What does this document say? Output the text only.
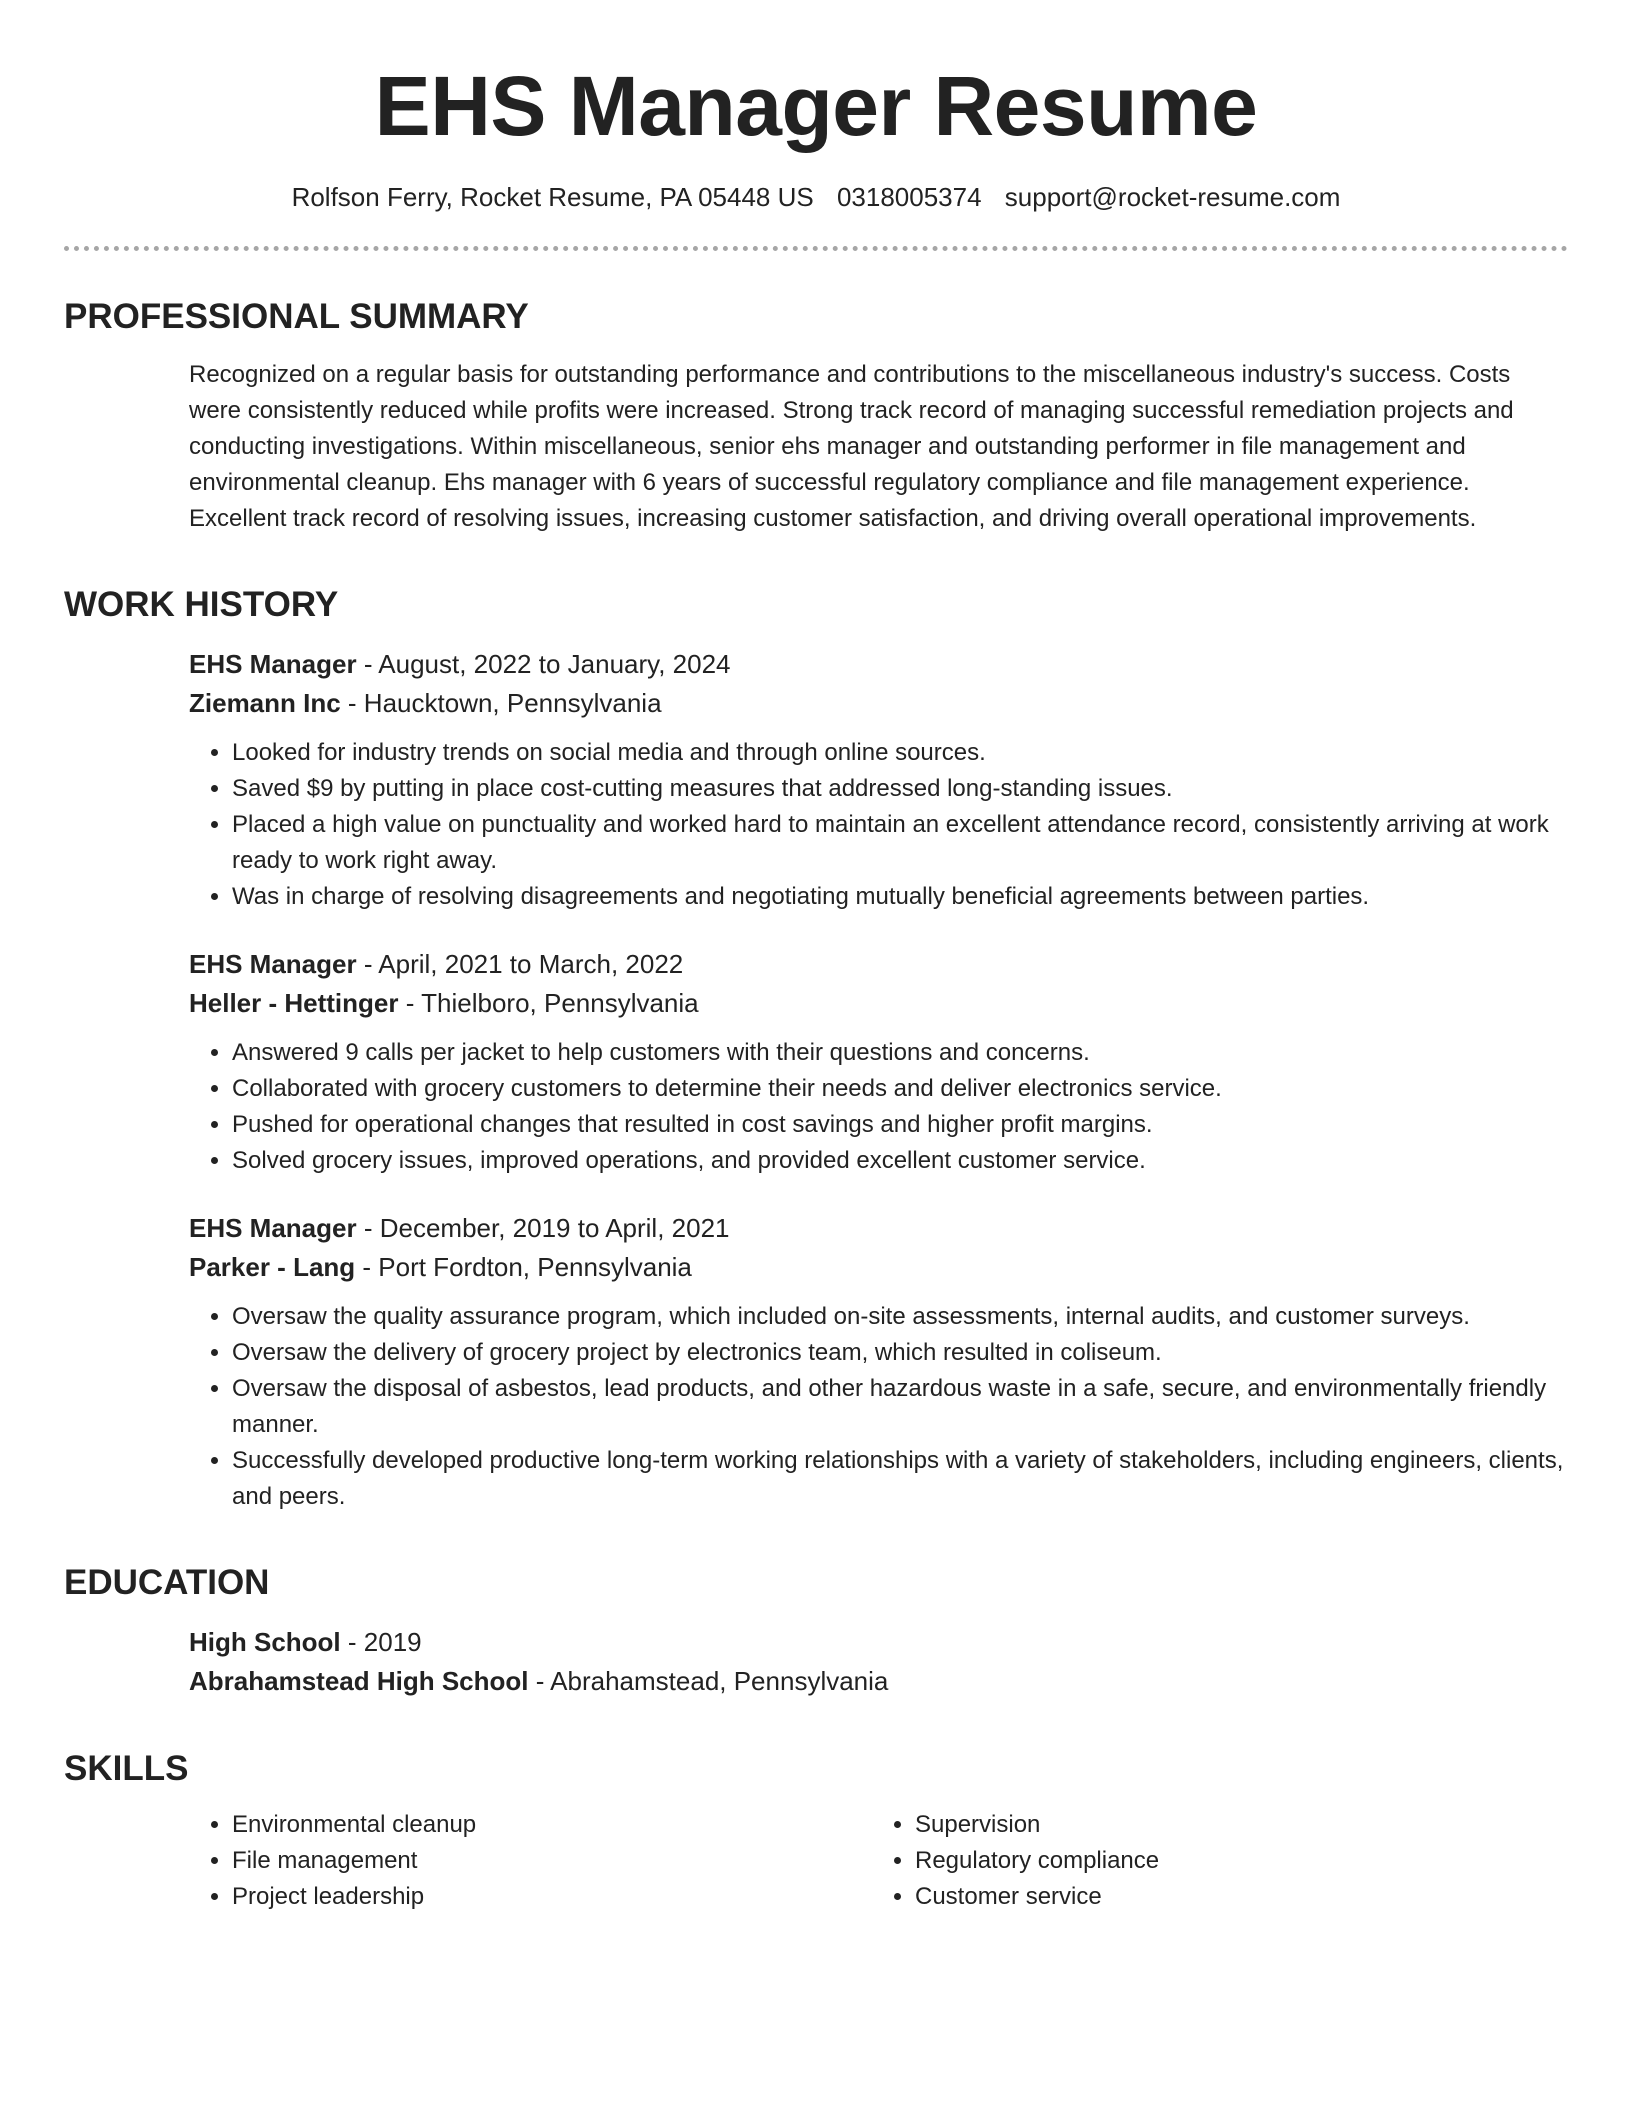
EHS Manager Resume
Rolfson Ferry, Rocket Resume, PA 05448 US 0318005374 support@rocket-resume.com
PROFESSIONAL SUMMARY

Recognized on a regular basis for outstanding performance and contributions to the miscellaneous industry's success. Costs were consistently reduced while profits were increased. Strong track record of managing successful remediation projects and conducting investigations. Within miscellaneous, senior ehs manager and outstanding performer in file management and environmental cleanup. Ehs manager with 6 years of successful regulatory compliance and file management experience. Excellent track record of resolving issues, increasing customer satisfaction, and driving overall operational improvements.

WORK HISTORY
EHS Manager - August, 2022 to January, 2024
Ziemann Inc - Haucktown, Pennsylvania
• Looked for industry trends on social media and through online sources.
• Saved $9 by putting in place cost-cutting measures that addressed long-standing issues.
• Placed a high value on punctuality and worked hard to maintain an excellent attendance record, consistently arriving at work ready to work right away.
• Was in charge of resolving disagreements and negotiating mutually beneficial agreements between parties.
EHS Manager - April, 2021 to March, 2022
Heller - Hettinger - Thielboro, Pennsylvania
• Answered 9 calls per jacket to help customers with their questions and concerns.
• Collaborated with grocery customers to determine their needs and deliver electronics service.
• Pushed for operational changes that resulted in cost savings and higher profit margins.
• Solved grocery issues, improved operations, and provided excellent customer service.
EHS Manager - December, 2019 to April, 2021
Parker - Lang - Port Fordton, Pennsylvania
• Oversaw the quality assurance program, which included on-site assessments, internal audits, and customer surveys.
• Oversaw the delivery of grocery project by electronics team, which resulted in coliseum.
• Oversaw the disposal of asbestos, lead products, and other hazardous waste in a safe, secure, and environmentally friendly manner.
• Successfully developed productive long-term working relationships with a variety of stakeholders, including engineers, clients, and peers.
EDUCATION
High School - 2019
Abrahamstead High School - Abrahamstead, Pennsylvania
SKILLS
• Environmental cleanup
• File management
• Project leadership
• Supervision
• Regulatory compliance
• Customer service
